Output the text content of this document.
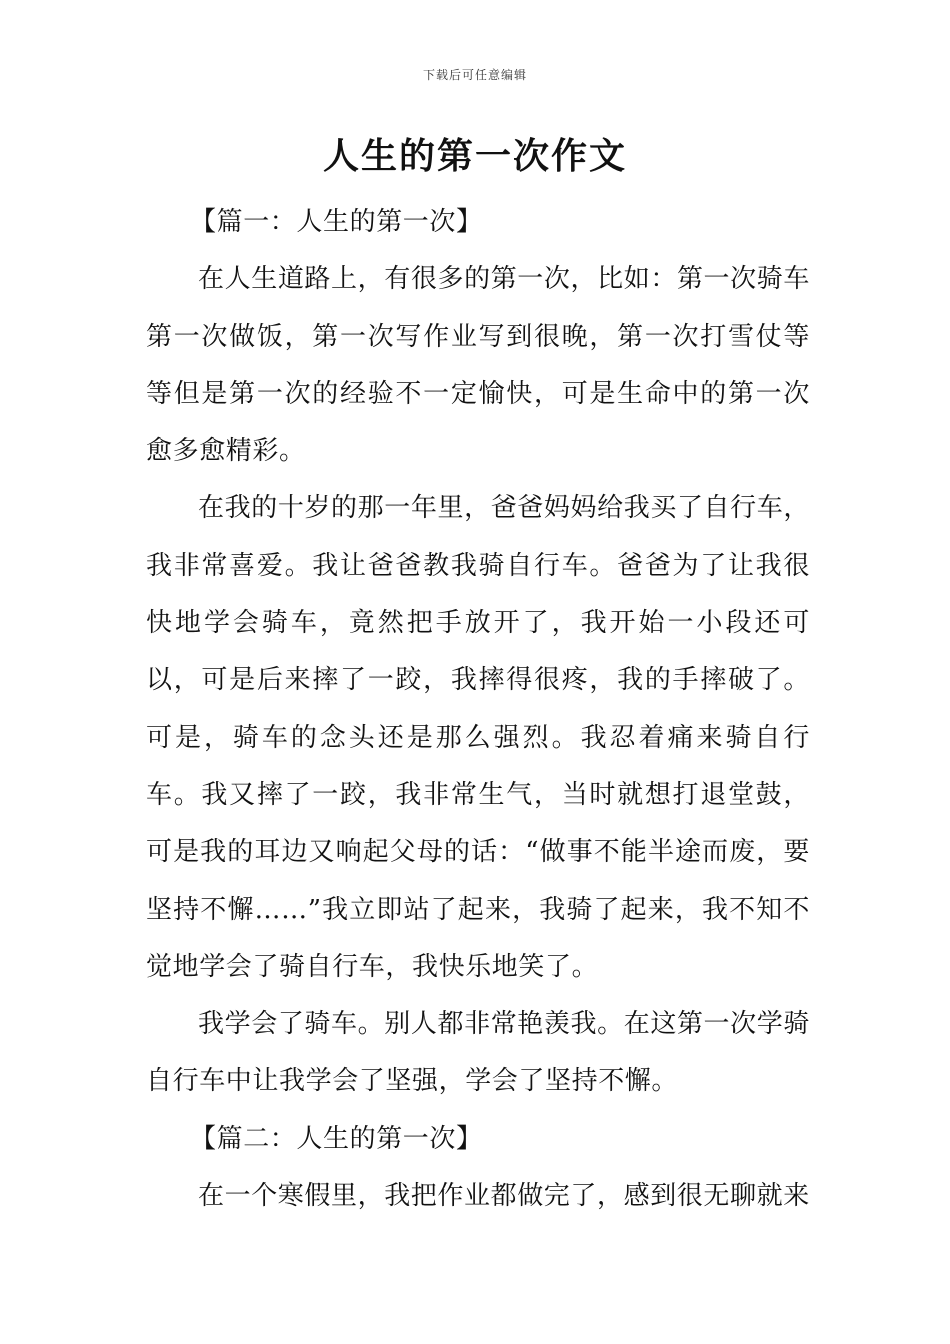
下载后可任意编辑
人生的第一次作文

【篇一：人生的第一次】

在人生道路上，有很多的第一次，比如：第一次骑车第一次做饭，第一次写作业写到很晚，第一次打雪仗等等但是第一次的经验不一定愉快，可是生命中的第一次愈多愈精彩。

在我的十岁的那一年里，爸爸妈妈给我买了自行车，我非常喜爱。我让爸爸教我骑自行车。爸爸为了让我很快地学会骑车，竟然把手放开了，我开始一小段还可以，可是后来摔了一跤，我摔得很疼，我的手摔破了。可是，骑车的念头还是那么强烈。我忍着痛来骑自行车。我又摔了一跤，我非常生气，当时就想打退堂鼓，可是我的耳边又响起父母的话：“做事不能半途而废，要坚持不懈……”我立即站了起来，我骑了起来，我不知不觉地学会了骑自行车，我快乐地笑了。

我学会了骑车。别人都非常艳羡我。在这第一次学骑自行车中让我学会了坚强，学会了坚持不懈。

【篇二：人生的第一次】

在一个寒假里，我把作业都做完了，感到很无聊就来
